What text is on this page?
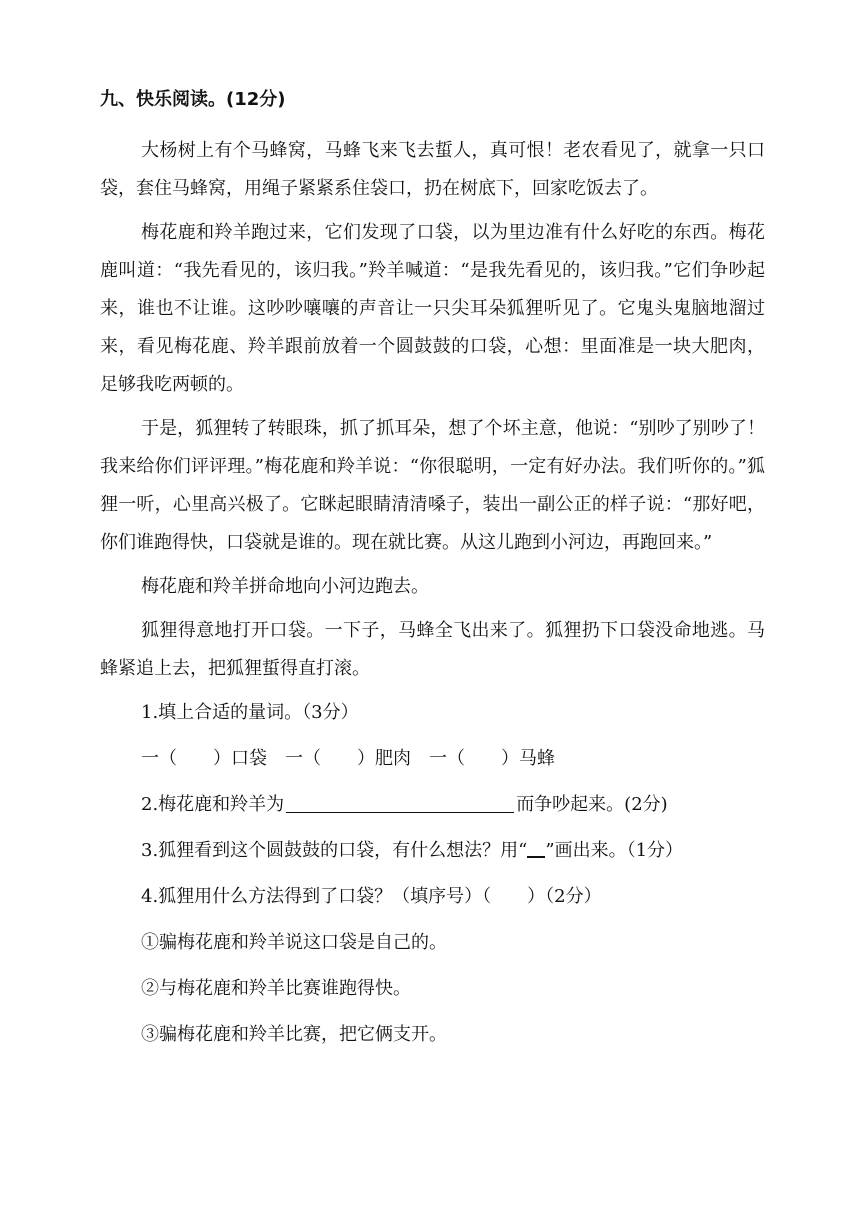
九、快乐阅读。(12分)
大杨树上有个马蜂窝，马蜂飞来飞去蜇人，真可恨！老农看见了，就拿一只口袋，套住马蜂窝，用绳子紧紧系住袋口，扔在树底下，回家吃饭去了。
梅花鹿和羚羊跑过来，它们发现了口袋，以为里边准有什么好吃的东西。梅花鹿叫道：“我先看见的，该归我。”羚羊喊道：“是我先看见的，该归我。”它们争吵起来，谁也不让谁。这吵吵嚷嚷的声音让一只尖耳朵狐狸听见了。它鬼头鬼脑地溜过来，看见梅花鹿、羚羊跟前放着一个圆鼓鼓的口袋，心想：里面准是一块大肥肉，足够我吃两顿的。
于是，狐狸转了转眼珠，抓了抓耳朵，想了个坏主意，他说：“别吵了别吵了！我来给你们评评理。”梅花鹿和羚羊说：“你很聪明，一定有好办法。我们听你的。”狐狸一听，心里高兴极了。它眯起眼睛清清嗓子，装出一副公正的样子说：“那好吧，你们谁跑得快，口袋就是谁的。现在就比赛。从这儿跑到小河边，再跑回来。”
梅花鹿和羚羊拼命地向小河边跑去。
狐狸得意地打开口袋。一下子，马蜂全飞出来了。狐狸扔下口袋没命地逃。马蜂紧追上去，把狐狸蜇得直打滚。
1.填上合适的量词。（3分）
一（　　）口袋　一（　　）肥肉　一（　　）马蜂
2.梅花鹿和羚羊为	而争吵起来。(2分)
3.狐狸看到这个圆鼓鼓的口袋，有什么想法？用“ ”画出来。（1分）
4.狐狸用什么方法得到了口袋？（填序号）（　　）（2分）
①骗梅花鹿和羚羊说这口袋是自己的。
②与梅花鹿和羚羊比赛谁跑得快。
③骗梅花鹿和羚羊比赛，把它俩支开。
